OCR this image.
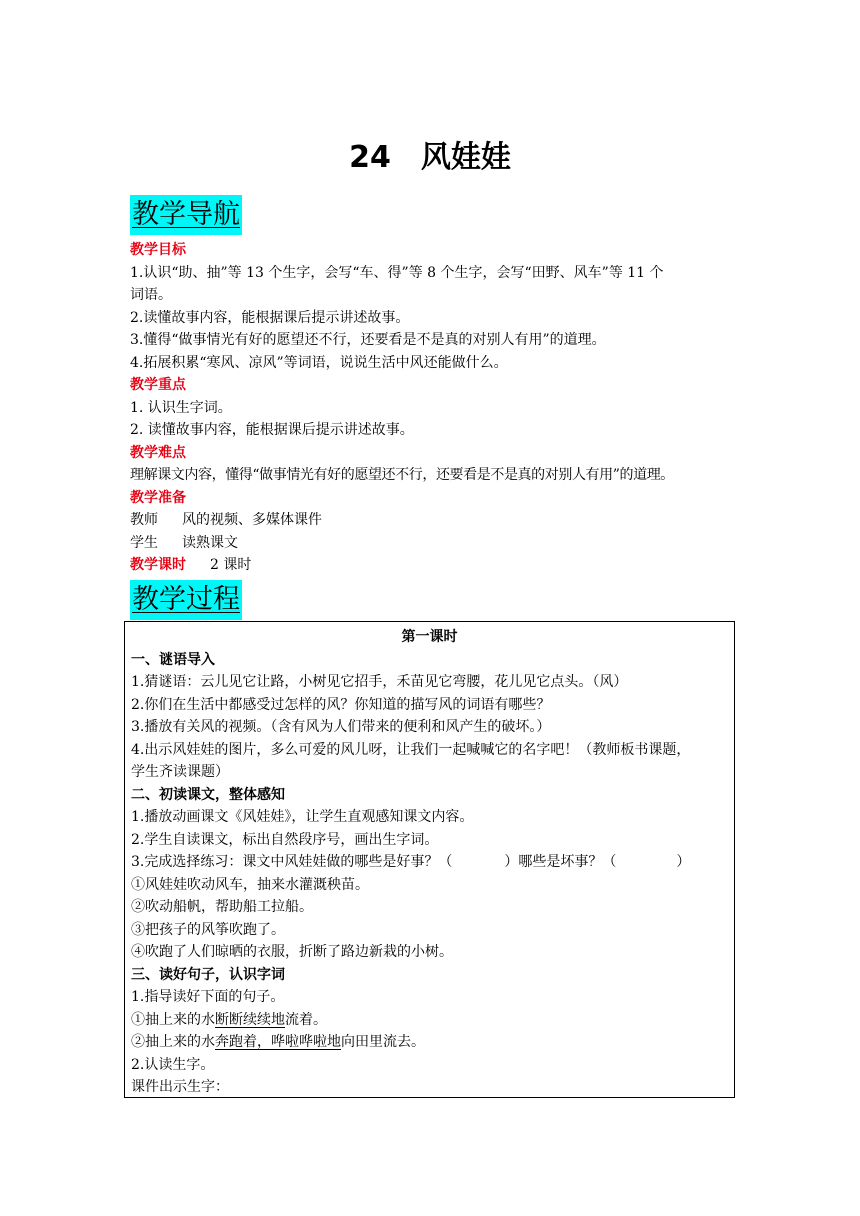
24　风娃娃
教学导航
教学目标
1.认识“助、抽”等 13 个生字，会写“车、得”等 8 个生字，会写“田野、风车”等 11 个
词语。
2.读懂故事内容，能根据课后提示讲述故事。
3.懂得“做事情光有好的愿望还不行，还要看是不是真的对别人有用”的道理。
4.拓展积累“寒风、凉风”等词语，说说生活中风还能做什么。
教学重点
1. 认识生字词。
2. 读懂故事内容，能根据课后提示讲述故事。
教学难点
理解课文内容，懂得“做事情光有好的愿望还不行，还要看是不是真的对别人有用”的道理。
教学准备
教师 风的视频、多媒体课件
学生 读熟课文
教学课时 2 课时
教学过程
第一课时
一、谜语导入
1.猜谜语：云儿见它让路，小树见它招手，禾苗见它弯腰，花儿见它点头。（风）
2.你们在生活中都感受过怎样的风？你知道的描写风的词语有哪些？
3.播放有关风的视频。（含有风为人们带来的便利和风产生的破坏。）
4.出示风娃娃的图片，多么可爱的风儿呀，让我们一起喊喊它的名字吧！（教师板书课题，
学生齐读课题）
二、初读课文，整体感知
1.播放动画课文《风娃娃》，让学生直观感知课文内容。
2.学生自读课文，标出自然段序号，画出生字词。
3.完成选择练习：课文中风娃娃做的哪些是好事？（	）哪些是坏事？（	）
①风娃娃吹动风车，抽来水灌溉秧苗。
②吹动船帆，帮助船工拉船。
③把孩子的风筝吹跑了。
④吹跑了人们晾晒的衣服，折断了路边新栽的小树。
三、读好句子，认识字词
1.指导读好下面的句子。
①抽上来的水断断续续地流着。
②抽上来的水奔跑着，哗啦哗啦地向田里流去。
2.认读生字。
课件出示生字：
